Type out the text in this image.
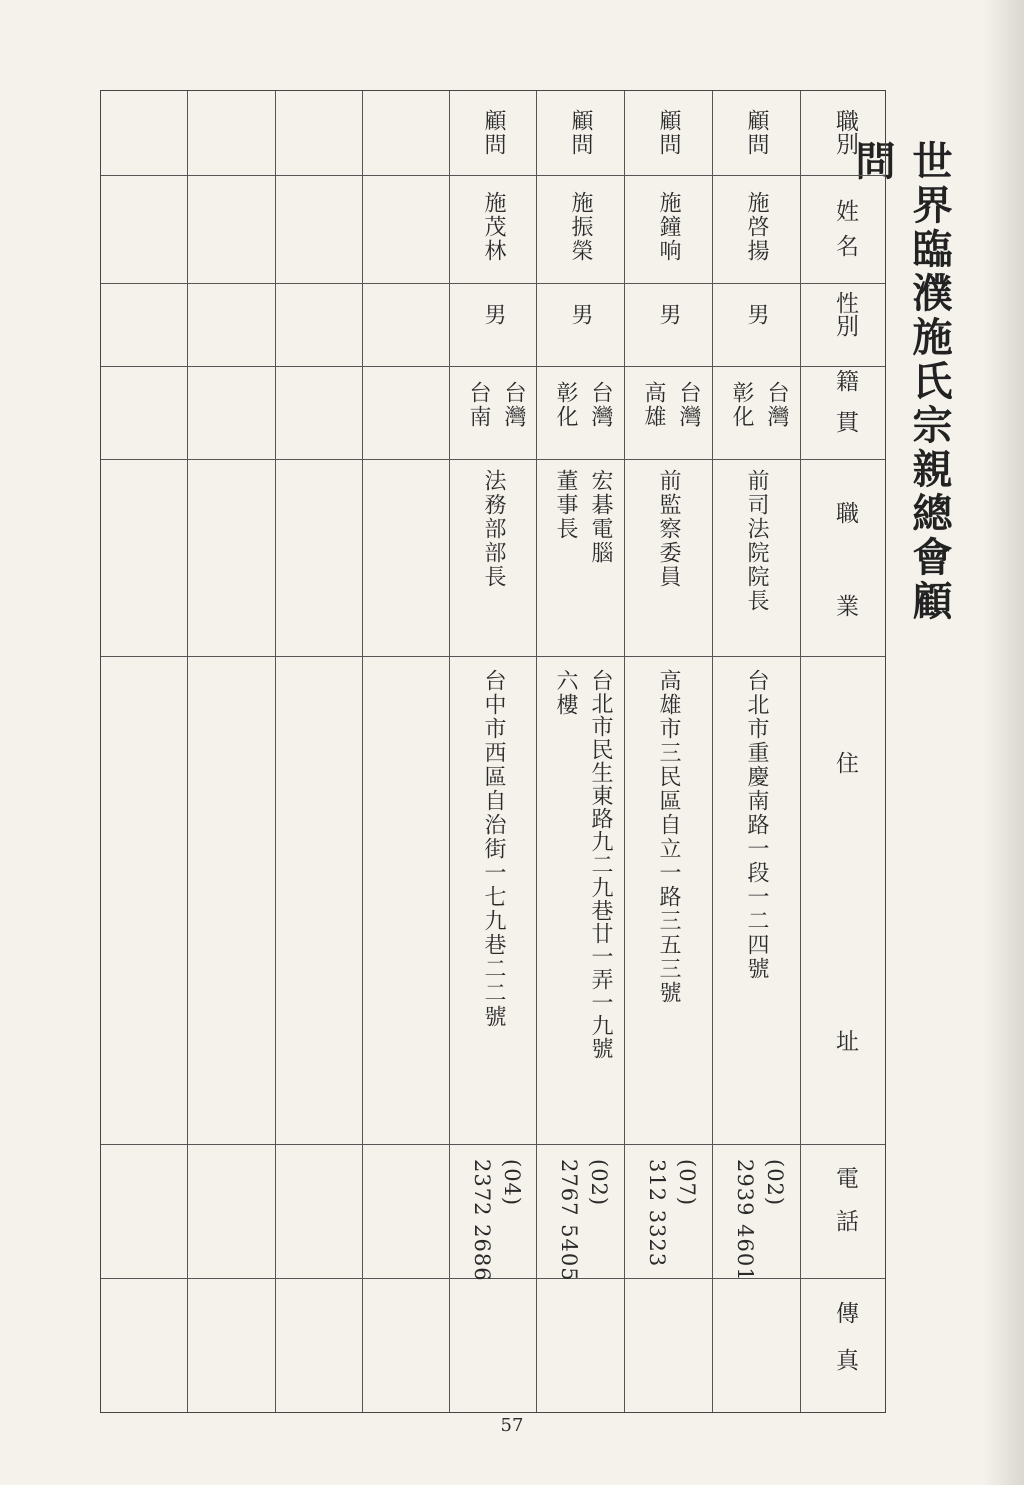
世界臨濮施氏宗親總會顧問
職別
姓名
性別
籍貫
職
業
住
址
電話
傳真
顧問
施啓揚
男
台灣
彰化
前司法院院長
台北市重慶南路一段一二四號
(02)
2939 4601
顧問
施鐘响
男
台灣
高雄
前監察委員
高雄市三民區自立一路三五三號
(07)
312 3323
顧問
施振榮
男
台灣
彰化
宏碁電腦
董事長
台北市民生東路九二九巷廿一弄一九號
六樓
(02)
2767 5405
顧問
施茂林
男
台灣
台南
法務部部長
台中市西區自治街一七九巷二二號
(04)
2372 2686
57
